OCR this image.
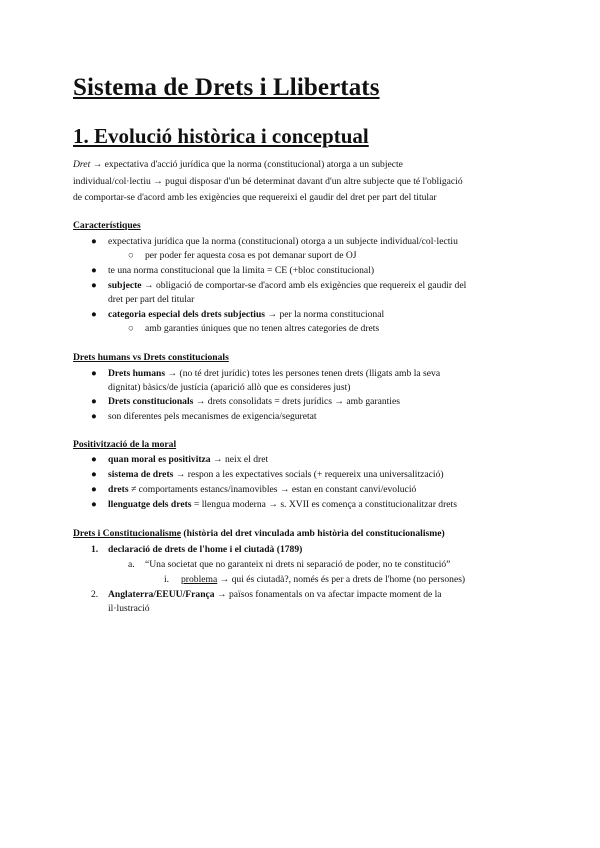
Sistema de Drets i Llibertats
1. Evolució històrica i conceptual
Dret → expectativa d'acció jurídica que la norma (constitucional) atorga a un subjecte
individual/col·lectiu → pugui disposar d'un bé determinat davant d'un altre subjecte que té l'obligació
de comportar-se d'acord amb les exigències que requereixi el gaudir del dret per part del titular
Característiques
● expectativa jurídica que la norma (constitucional) otorga a un subjecte individual/col·lectiu
○ per poder fer aquesta cosa es pot demanar suport de OJ
● te una norma constitucional que la limita = CE (+bloc constitucional)
● subjecte → obligació de comportar-se d'acord amb els exigències que requereix el gaudir del
dret per part del titular
● categoria especial dels drets subjectius → per la norma constitucional
○ amb garanties úniques que no tenen altres categories de drets
Drets humans vs Drets constitucionals
● Drets humans → (no té dret jurídic) totes les persones tenen drets (lligats amb la seva
dignitat) bàsics/de justícia (aparició allò que es consideres just)
● Drets constitucionals → drets consolidats = drets jurídics → amb garanties
● son diferentes pels mecanismes de exigencia/seguretat
Positivització de la moral
● quan moral es positivitza → neix el dret
● sistema de drets → respon a les expectatives socials (+ requereix una universalització)
● drets ≠ comportaments estancs/inamovibles → estan en constant canvi/evolució
● llenguatge dels drets = llengua moderna → s. XVII es comença a constitucionalitzar drets
Drets i Constitucionalisme (història del dret vinculada amb història del constitucionalisme)
1. declaració de drets de l'home i el ciutadà (1789)
a. “Una societat que no garanteix ni drets ni separació de poder, no te constitució”
i. problema → qui és ciutadà?, només és per a drets de l'home (no persones)
2. Anglaterra/EEUU/França → països fonamentals on va afectar impacte moment de la
il·lustració
